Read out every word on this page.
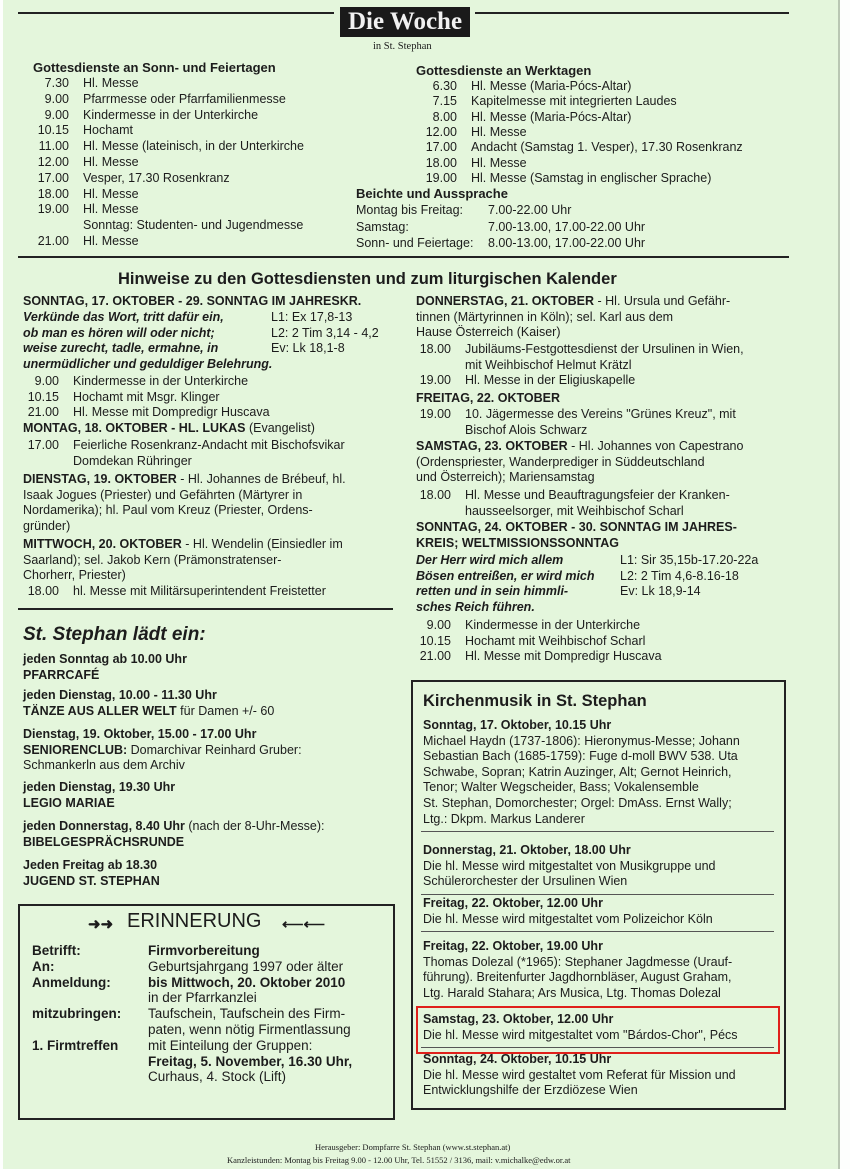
Die Woche
in St. Stephan
Gottesdienste an Sonn- und Feiertagen
7.30 Hl. Messe
9.00 Pfarrmesse oder Pfarrfamilienmesse
9.00 Kindermesse in der Unterkirche
10.15 Hochamt
11.00 Hl. Messe (lateinisch, in der Unterkirche
12.00 Hl. Messe
17.00 Vesper, 17.30 Rosenkranz
18.00 Hl. Messe
19.00 Hl. Messe
Sonntag: Studenten- und Jugendmesse
21.00 Hl. Messe
Gottesdienste an Werktagen
6.30 Hl. Messe (Maria-Pócs-Altar)
7.15 Kapitelmesse mit integrierten Laudes
8.00 Hl. Messe (Maria-Pócs-Altar)
12.00 Hl. Messe
17.00 Andacht (Samstag 1. Vesper), 17.30 Rosenkranz
18.00 Hl. Messe
19.00 Hl. Messe (Samstag in englischer Sprache)
Beichte und Aussprache
Montag bis Freitag: 7.00-22.00 Uhr
Samstag:	7.00-13.00, 17.00-22.00 Uhr
Sonn- und Feiertage: 8.00-13.00, 17.00-22.00 Uhr
Hinweise zu den Gottesdiensten und zum liturgischen Kalender
SONNTAG, 17. OKTOBER - 29. SONNTAG IM JAHRESKR.
Verkünde das Wort, tritt dafür ein,
ob man es hören will oder nicht;
weise zurecht, tadle, ermahne, in
unermüdlicher und geduldiger Belehrung.
L1: Ex 17,8-13
L2: 2 Tim 3,14 - 4,2
Ev: Lk 18,1-8
9.00 Kindermesse in der Unterkirche
10.15 Hochamt mit Msgr. Klinger
21.00 Hl. Messe mit Dompredigr Huscava
MONTAG, 18. OKTOBER - HL. LUKAS (Evangelist)
17.00 Feierliche Rosenkranz-Andacht mit Bischofsvikar
Domdekan Rühringer
DIENSTAG, 19. OKTOBER - Hl. Johannes de Brébeuf, hl.
Isaak Jogues (Priester) und Gefährten (Märtyrer in
Nordamerika); hl. Paul vom Kreuz (Priester, Ordens-
gründer)
MITTWOCH, 20. OKTOBER - Hl. Wendelin (Einsiedler im
Saarland); sel. Jakob Kern (Prämonstratenser-
Chorherr, Priester)
18.00 hl. Messe mit Militärsuperintendent Freistetter
DONNERSTAG, 21. OKTOBER - Hl. Ursula und Gefähr-
tinnen (Märtyrinnen in Köln); sel. Karl aus dem
Hause Österreich (Kaiser)
18.00 Jubiläums-Festgottesdienst der Ursulinen in Wien,
mit Weihbischof Helmut Krätzl
19.00 Hl. Messe in der Eligiuskapelle
FREITAG, 22. OKTOBER
19.00 10. Jägermesse des Vereins "Grünes Kreuz", mit
Bischof Alois Schwarz
SAMSTAG, 23. OKTOBER - Hl. Johannes von Capestrano
(Ordenspriester, Wanderprediger in Süddeutschland
und Österreich); Mariensamstag
18.00 Hl. Messe und Beauftragungsfeier der Kranken-
hausseelsorger, mit Weihbischof Scharl
SONNTAG, 24. OKTOBER - 30. SONNTAG IM JAHRES-
KREIS; WELTMISSIONSSONNTAG
Der Herr wird mich allem
Bösen entreißen, er wird mich
retten und in sein himmli-
sches Reich führen.
L1: Sir 35,15b-17.20-22a
L2: 2 Tim 4,6-8.16-18
Ev: Lk 18,9-14
9.00 Kindermesse in der Unterkirche
10.15 Hochamt mit Weihbischof Scharl
21.00 Hl. Messe mit Dompredigr Huscava
St. Stephan lädt ein:
jeden Sonntag ab 10.00 Uhr
PFARRCAFÉ
jeden Dienstag, 10.00 - 11.30 Uhr
TÄNZE AUS ALLER WELT für Damen +/- 60
Dienstag, 19. Oktober, 15.00 - 17.00 Uhr
SENIORENCLUB: Domarchivar Reinhard Gruber:
Schmankerln aus dem Archiv
jeden Dienstag, 19.30 Uhr
LEGIO MARIAE
jeden Donnerstag, 8.40 Uhr (nach der 8-Uhr-Messe):
BIBELGESPRÄCHSRUNDE
Jeden Freitag ab 18.30
JUGEND ST. STEPHAN
➜➜ ERINNERUNG ⟵⟵
Betrifft:	Firmvorbereitung
An:	Geburtsjahrgang 1997 oder älter
Anmeldung:	bis Mittwoch, 20. Oktober 2010
in der Pfarrkanzlei
mitzubringen: Taufschein, Taufschein des Firm-
paten, wenn nötig Firmentlassung
1. Firmtreffen mit Einteilung der Gruppen:
Freitag, 5. November, 16.30 Uhr,
Curhaus, 4. Stock (Lift)
Kirchenmusik in St. Stephan
Sonntag, 17. Oktober, 10.15 Uhr
Michael Haydn (1737-1806): Hieronymus-Messe; Johann
Sebastian Bach (1685-1759): Fuge d-moll BWV 538. Uta
Schwabe, Sopran; Katrin Auzinger, Alt; Gernot Heinrich,
Tenor; Walter Wegscheider, Bass; Vokalensemble
St. Stephan, Domorchester; Orgel: DmAss. Ernst Wally;
Ltg.: Dkpm. Markus Landerer
Donnerstag, 21. Oktober, 18.00 Uhr
Die hl. Messe wird mitgestaltet von Musikgruppe und
Schülerorchester der Ursulinen Wien
Freitag, 22. Oktober, 12.00 Uhr
Die hl. Messe wird mitgestaltet vom Polizeichor Köln
Freitag, 22. Oktober, 19.00 Uhr
Thomas Dolezal (*1965): Stephaner Jagdmesse (Urauf-
führung). Breitenfurter Jagdhornbläser, August Graham,
Ltg. Harald Stahara; Ars Musica, Ltg. Thomas Dolezal
Samstag, 23. Oktober, 12.00 Uhr
Die hl. Messe wird mitgestaltet vom "Bárdos-Chor", Pécs
Sonntag, 24. Oktober, 10.15 Uhr
Die hl. Messe wird gestaltet vom Referat für Mission und
Entwicklungshilfe der Erzdiözese Wien
Herausgeber: Dompfarre St. Stephan (www.st.stephan.at)
Kanzleistunden: Montag bis Freitag 9.00 - 12.00 Uhr, Tel. 51552 / 3136, mail: v.michalke@edw.or.at
